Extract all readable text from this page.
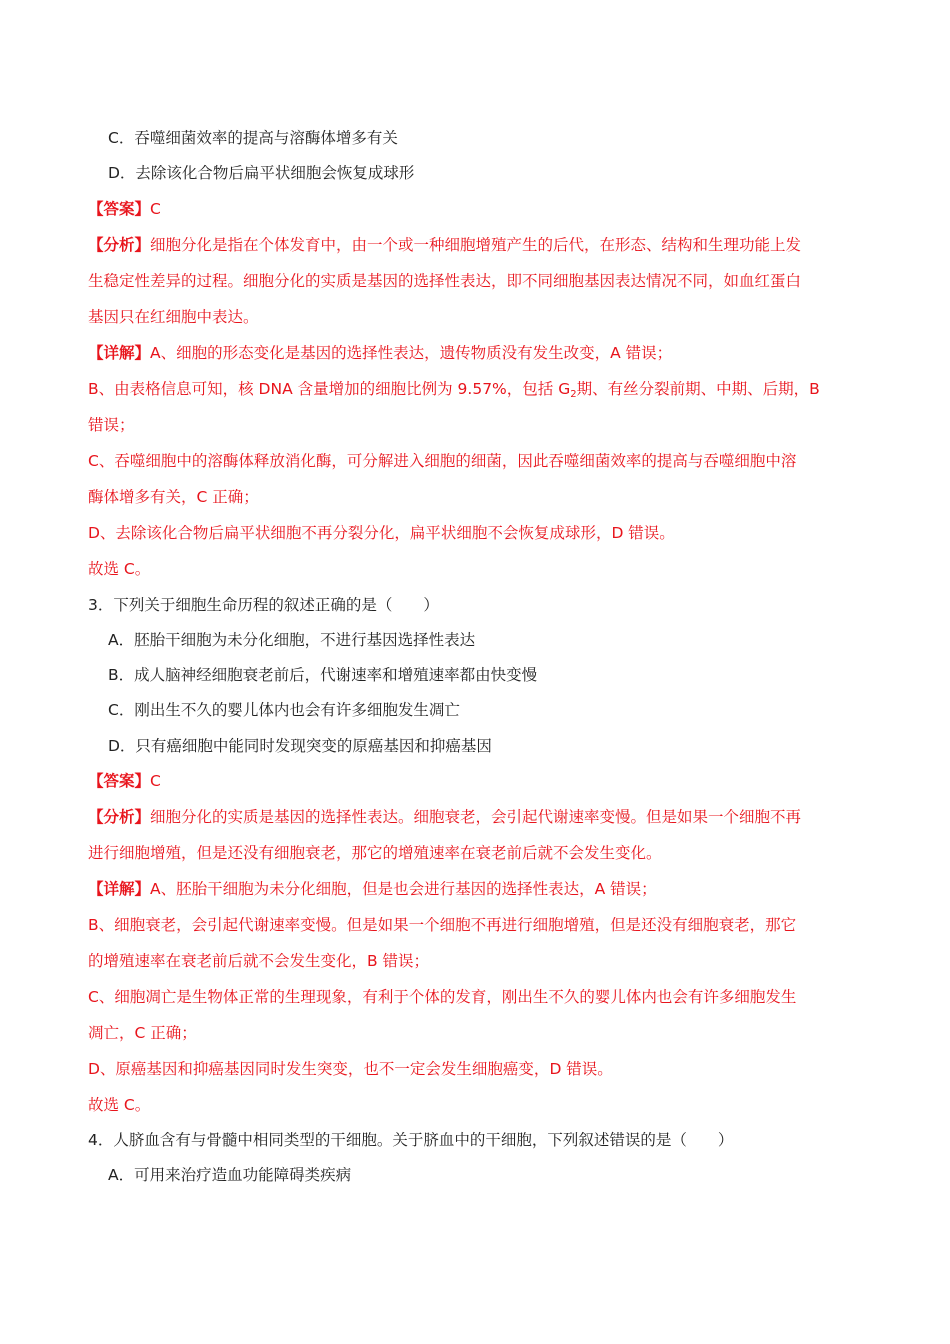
C．吞噬细菌效率的提高与溶酶体增多有关
D．去除该化合物后扁平状细胞会恢复成球形
【答案】C
【分析】细胞分化是指在个体发育中，由一个或一种细胞增殖产生的后代，在形态、结构和生理功能上发
生稳定性差异的过程。细胞分化的实质是基因的选择性表达，即不同细胞基因表达情况不同，如血红蛋白
基因只在红细胞中表达。
【详解】A、细胞的形态变化是基因的选择性表达，遗传物质没有发生改变，A 错误；
B、由表格信息可知，核 DNA 含量增加的细胞比例为 9.57%，包括 $G_2$期、有丝分裂前期、中期、后期，B
错误；
C、吞噬细胞中的溶酶体释放消化酶，可分解进入细胞的细菌，因此吞噬细菌效率的提高与吞噬细胞中溶
酶体增多有关，C 正确；
D、去除该化合物后扁平状细胞不再分裂分化，扁平状细胞不会恢复成球形，D 错误。
故选 C。
3．下列关于细胞生命历程的叙述正确的是（　　）
A．胚胎干细胞为未分化细胞，不进行基因选择性表达
B．成人脑神经细胞衰老前后，代谢速率和增殖速率都由快变慢
C．刚出生不久的婴儿体内也会有许多细胞发生凋亡
D．只有癌细胞中能同时发现突变的原癌基因和抑癌基因
【答案】C
【分析】细胞分化的实质是基因的选择性表达。细胞衰老，会引起代谢速率变慢。但是如果一个细胞不再
进行细胞增殖，但是还没有细胞衰老，那它的增殖速率在衰老前后就不会发生变化。
【详解】A、胚胎干细胞为未分化细胞，但是也会进行基因的选择性表达，A 错误；
B、细胞衰老，会引起代谢速率变慢。但是如果一个细胞不再进行细胞增殖，但是还没有细胞衰老，那它
的增殖速率在衰老前后就不会发生变化，B 错误；
C、细胞凋亡是生物体正常的生理现象，有利于个体的发育，刚出生不久的婴儿体内也会有许多细胞发生
凋亡，C 正确；
D、原癌基因和抑癌基因同时发生突变，也不一定会发生细胞癌变，D 错误。
故选 C。
4．人脐血含有与骨髓中相同类型的干细胞。关于脐血中的干细胞，下列叙述错误的是（　　）
A．可用来治疗造血功能障碍类疾病
